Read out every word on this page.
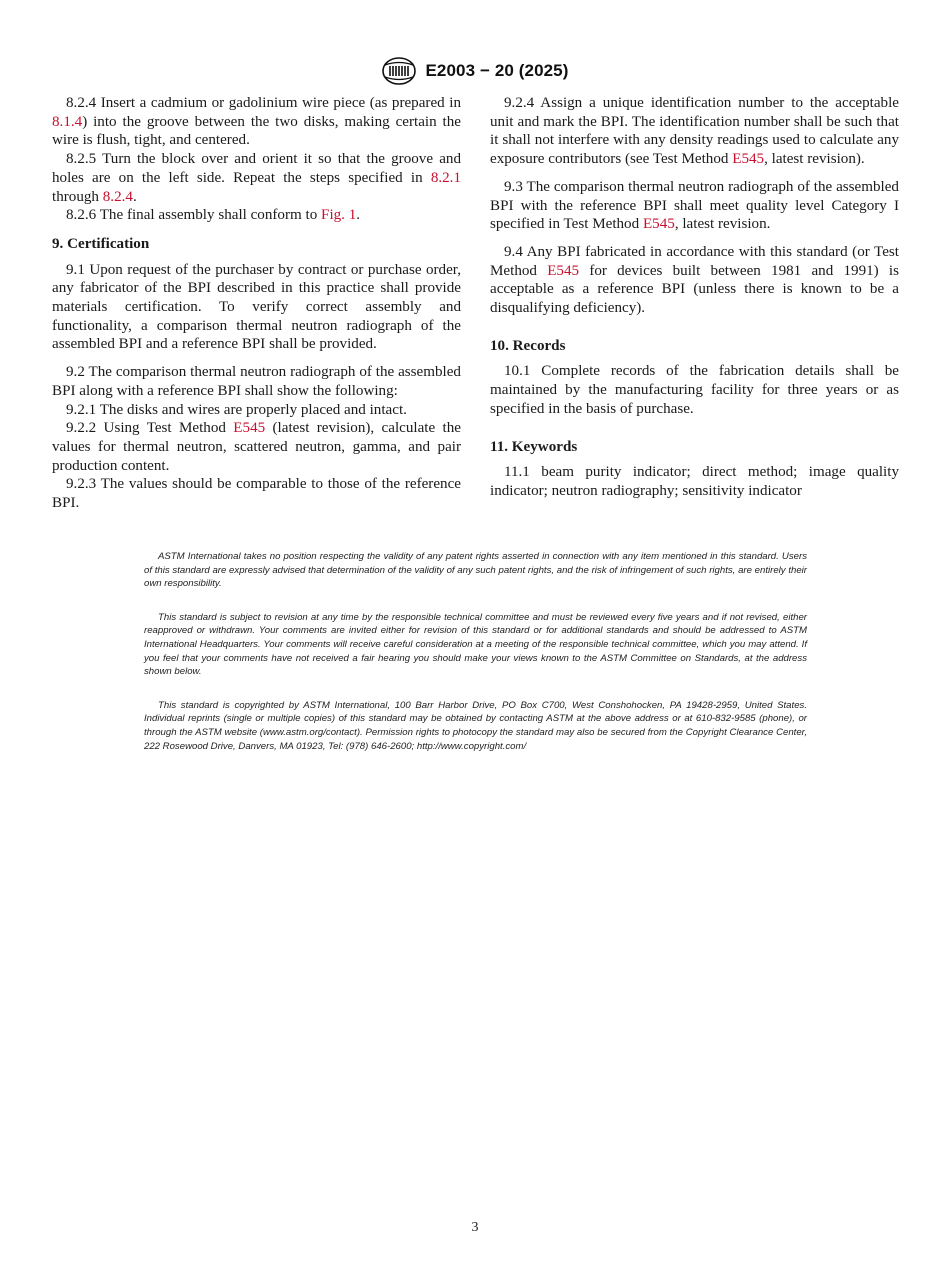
E2003 − 20 (2025)

8.2.4 Insert a cadmium or gadolinium wire piece (as prepared in 8.1.4) into the groove between the two disks, making certain the wire is flush, tight, and centered.

8.2.5 Turn the block over and orient it so that the groove and holes are on the left side. Repeat the steps specified in 8.2.1 through 8.2.4.

8.2.6 The final assembly shall conform to Fig. 1.

9. Certification

9.1 Upon request of the purchaser by contract or purchase order, any fabricator of the BPI described in this practice shall provide materials certification. To verify correct assembly and functionality, a comparison thermal neutron radiograph of the assembled BPI and a reference BPI shall be provided.

9.2 The comparison thermal neutron radiograph of the assembled BPI along with a reference BPI shall show the following:

9.2.1 The disks and wires are properly placed and intact.

9.2.2 Using Test Method E545 (latest revision), calculate the values for thermal neutron, scattered neutron, gamma, and pair production content.

9.2.3 The values should be comparable to those of the reference BPI.

9.2.4 Assign a unique identification number to the acceptable unit and mark the BPI. The identification number shall be such that it shall not interfere with any density readings used to calculate any exposure contributors (see Test Method E545, latest revision).

9.3 The comparison thermal neutron radiograph of the assembled BPI with the reference BPI shall meet quality level Category I specified in Test Method E545, latest revision.

9.4 Any BPI fabricated in accordance with this standard (or Test Method E545 for devices built between 1981 and 1991) is acceptable as a reference BPI (unless there is known to be a disqualifying deficiency).

10. Records

10.1 Complete records of the fabrication details shall be maintained by the manufacturing facility for three years or as specified in the basis of purchase.

11. Keywords

11.1 beam purity indicator; direct method; image quality indicator; neutron radiography; sensitivity indicator

ASTM International takes no position respecting the validity of any patent rights asserted in connection with any item mentioned in this standard. Users of this standard are expressly advised that determination of the validity of any such patent rights, and the risk of infringement of such rights, are entirely their own responsibility.

This standard is subject to revision at any time by the responsible technical committee and must be reviewed every five years and if not revised, either reapproved or withdrawn. Your comments are invited either for revision of this standard or for additional standards and should be addressed to ASTM International Headquarters. Your comments will receive careful consideration at a meeting of the responsible technical committee, which you may attend. If you feel that your comments have not received a fair hearing you should make your views known to the ASTM Committee on Standards, at the address shown below.

This standard is copyrighted by ASTM International, 100 Barr Harbor Drive, PO Box C700, West Conshohocken, PA 19428-2959, United States. Individual reprints (single or multiple copies) of this standard may be obtained by contacting ASTM at the above address or at 610-832-9585 (phone), or through the ASTM website (www.astm.org/contact). Permission rights to photocopy the standard may also be secured from the Copyright Clearance Center, 222 Rosewood Drive, Danvers, MA 01923, Tel: (978) 646-2600; http://www.copyright.com/

3
